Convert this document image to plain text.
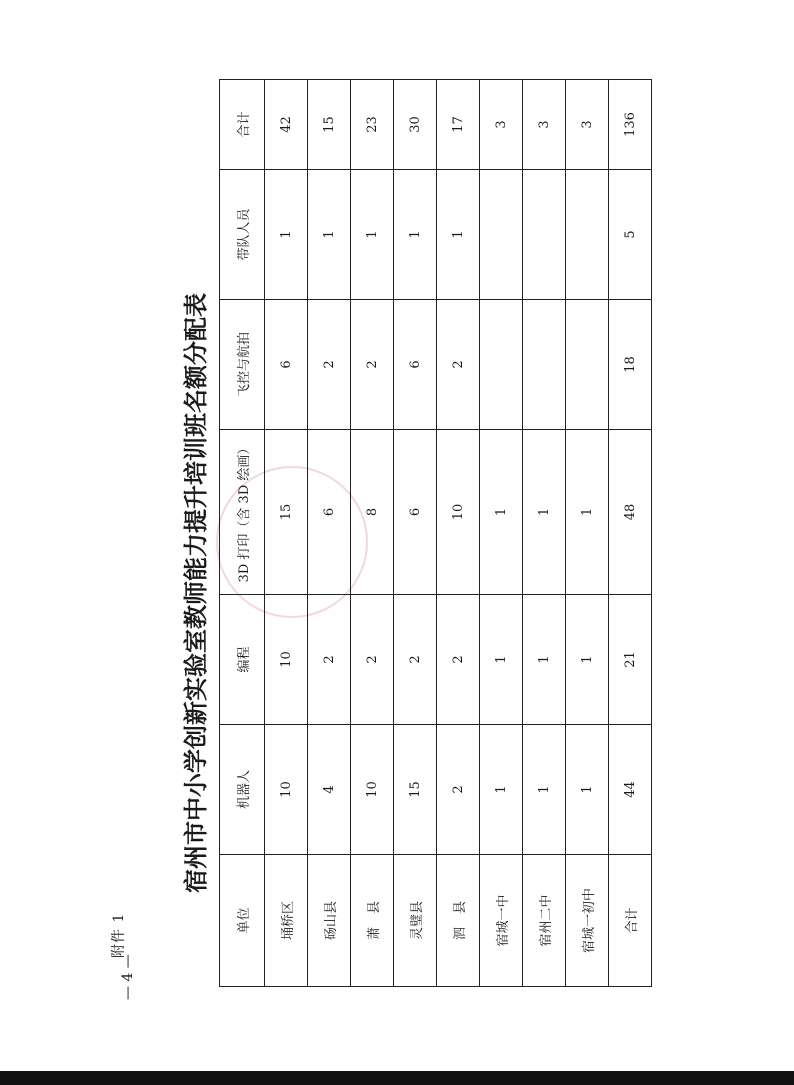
附件 1
宿州市中小学创新实验室教师能力提升培训班名额分配表
单位	机器人	编程	3D 打印（含 3D 绘画）	飞控与航拍	带队人员	合计
埇桥区	10	10	15	6	1	42
砀山县	4	2	6	2	1	15
萧　县	10	2	8	2	1	23
灵璧县	15	2	6	6	1	30
泗　县	2	2	10	2	1	17
宿城一中	1	1	1			3
宿州二中	1	1	1			3
宿城一初中	1	1	1			3
合计	44	21	48	18	5	136
— 4 —
